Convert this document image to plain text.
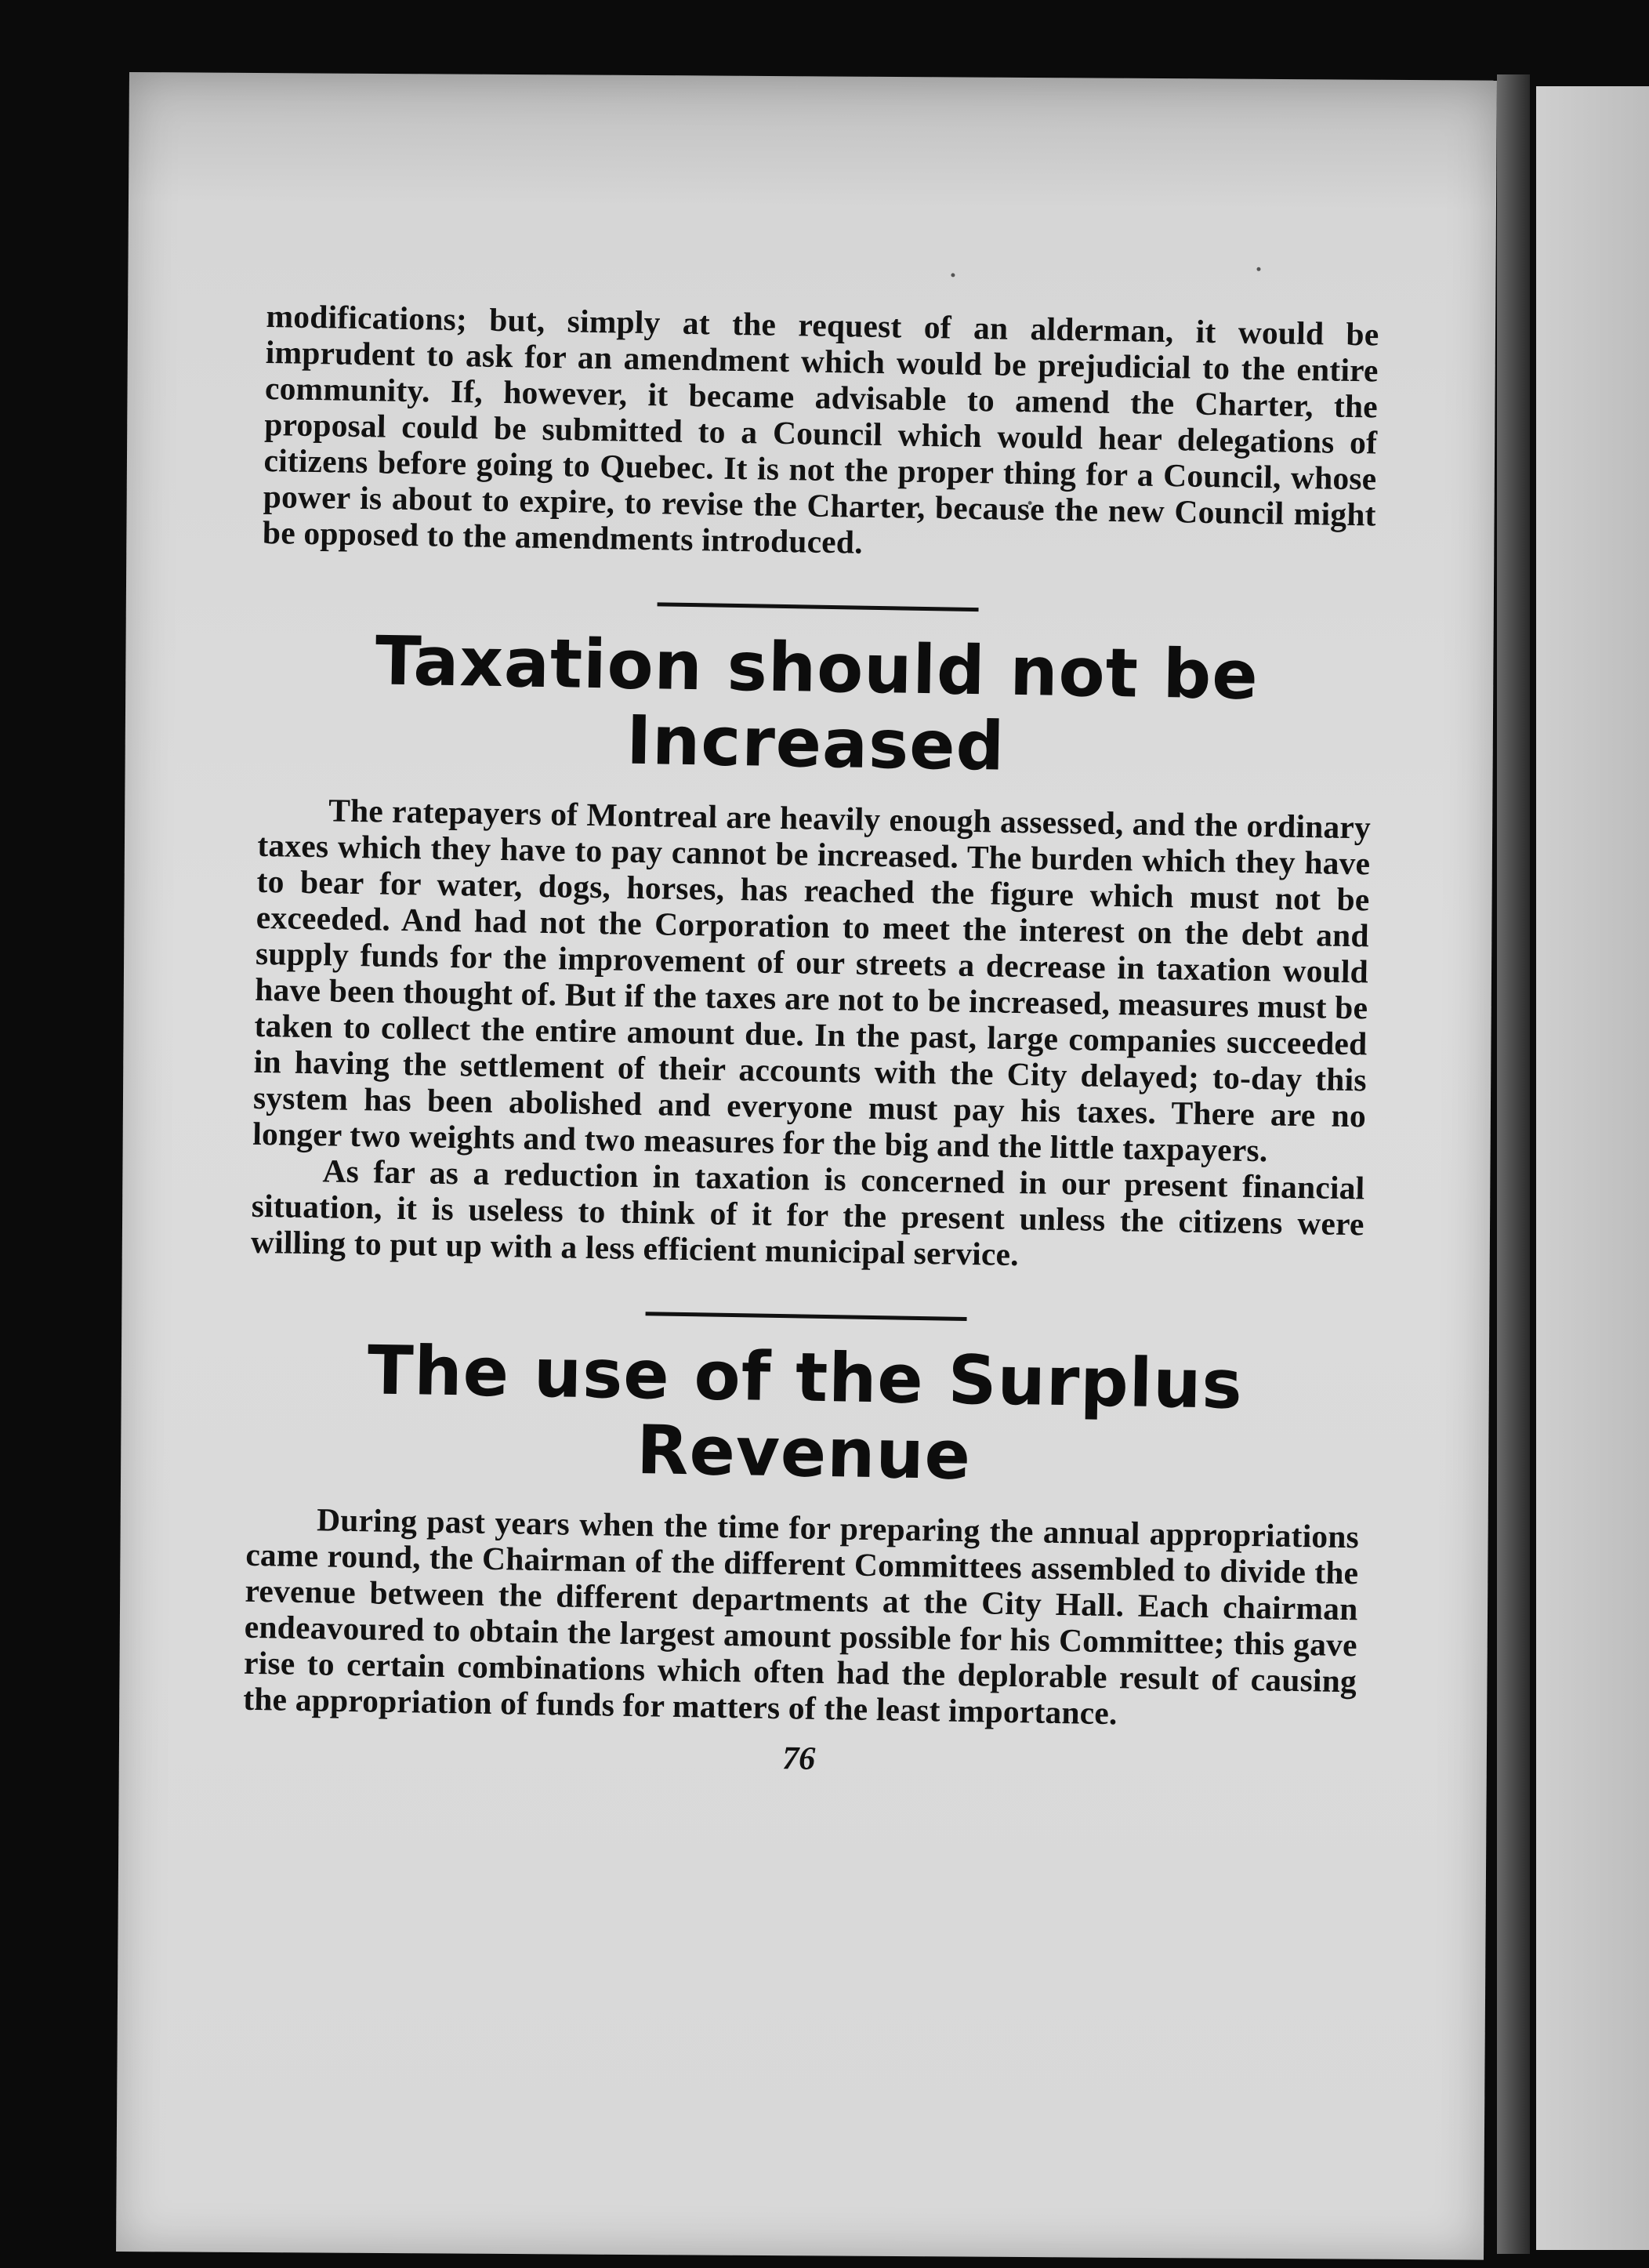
modifications; but, simply at the request of an alderman, it would be imprudent to ask for an amendment which would be prejudicial to the entire community. If, however, it became advisable to amend the Charter, the proposal could be submitted to a Council which would hear delegations of citizens before going to Quebec. It is not the proper thing for a Council, whose power is about to expire, to revise the Charter, because the new Council might be opposed to the amendments introduced.

Taxation should not be Increased

The ratepayers of Montreal are heavily enough assessed, and the ordinary taxes which they have to pay cannot be increased. The burden which they have to bear for water, dogs, horses, has reached the figure which must not be exceeded. And had not the Corporation to meet the interest on the debt and supply funds for the improvement of our streets a decrease in taxation would have been thought of. But if the taxes are not to be increased, measures must be taken to collect the entire amount due. In the past, large companies succeeded in having the settlement of their accounts with the City delayed; to-day this system has been abolished and everyone must pay his taxes. There are no longer two weights and two measures for the big and the little taxpayers.

As far as a reduction in taxation is concerned in our present financial situation, it is useless to think of it for the present unless the citizens were willing to put up with a less efficient municipal service.

The use of the Surplus Revenue

During past years when the time for preparing the annual appropriations came round, the Chairman of the different Committees assembled to divide the revenue between the different departments at the City Hall. Each chairman endeavoured to obtain the largest amount possible for his Committee; this gave rise to certain combinations which often had the deplorable result of causing the appropriation of funds for matters of the least importance.

76
